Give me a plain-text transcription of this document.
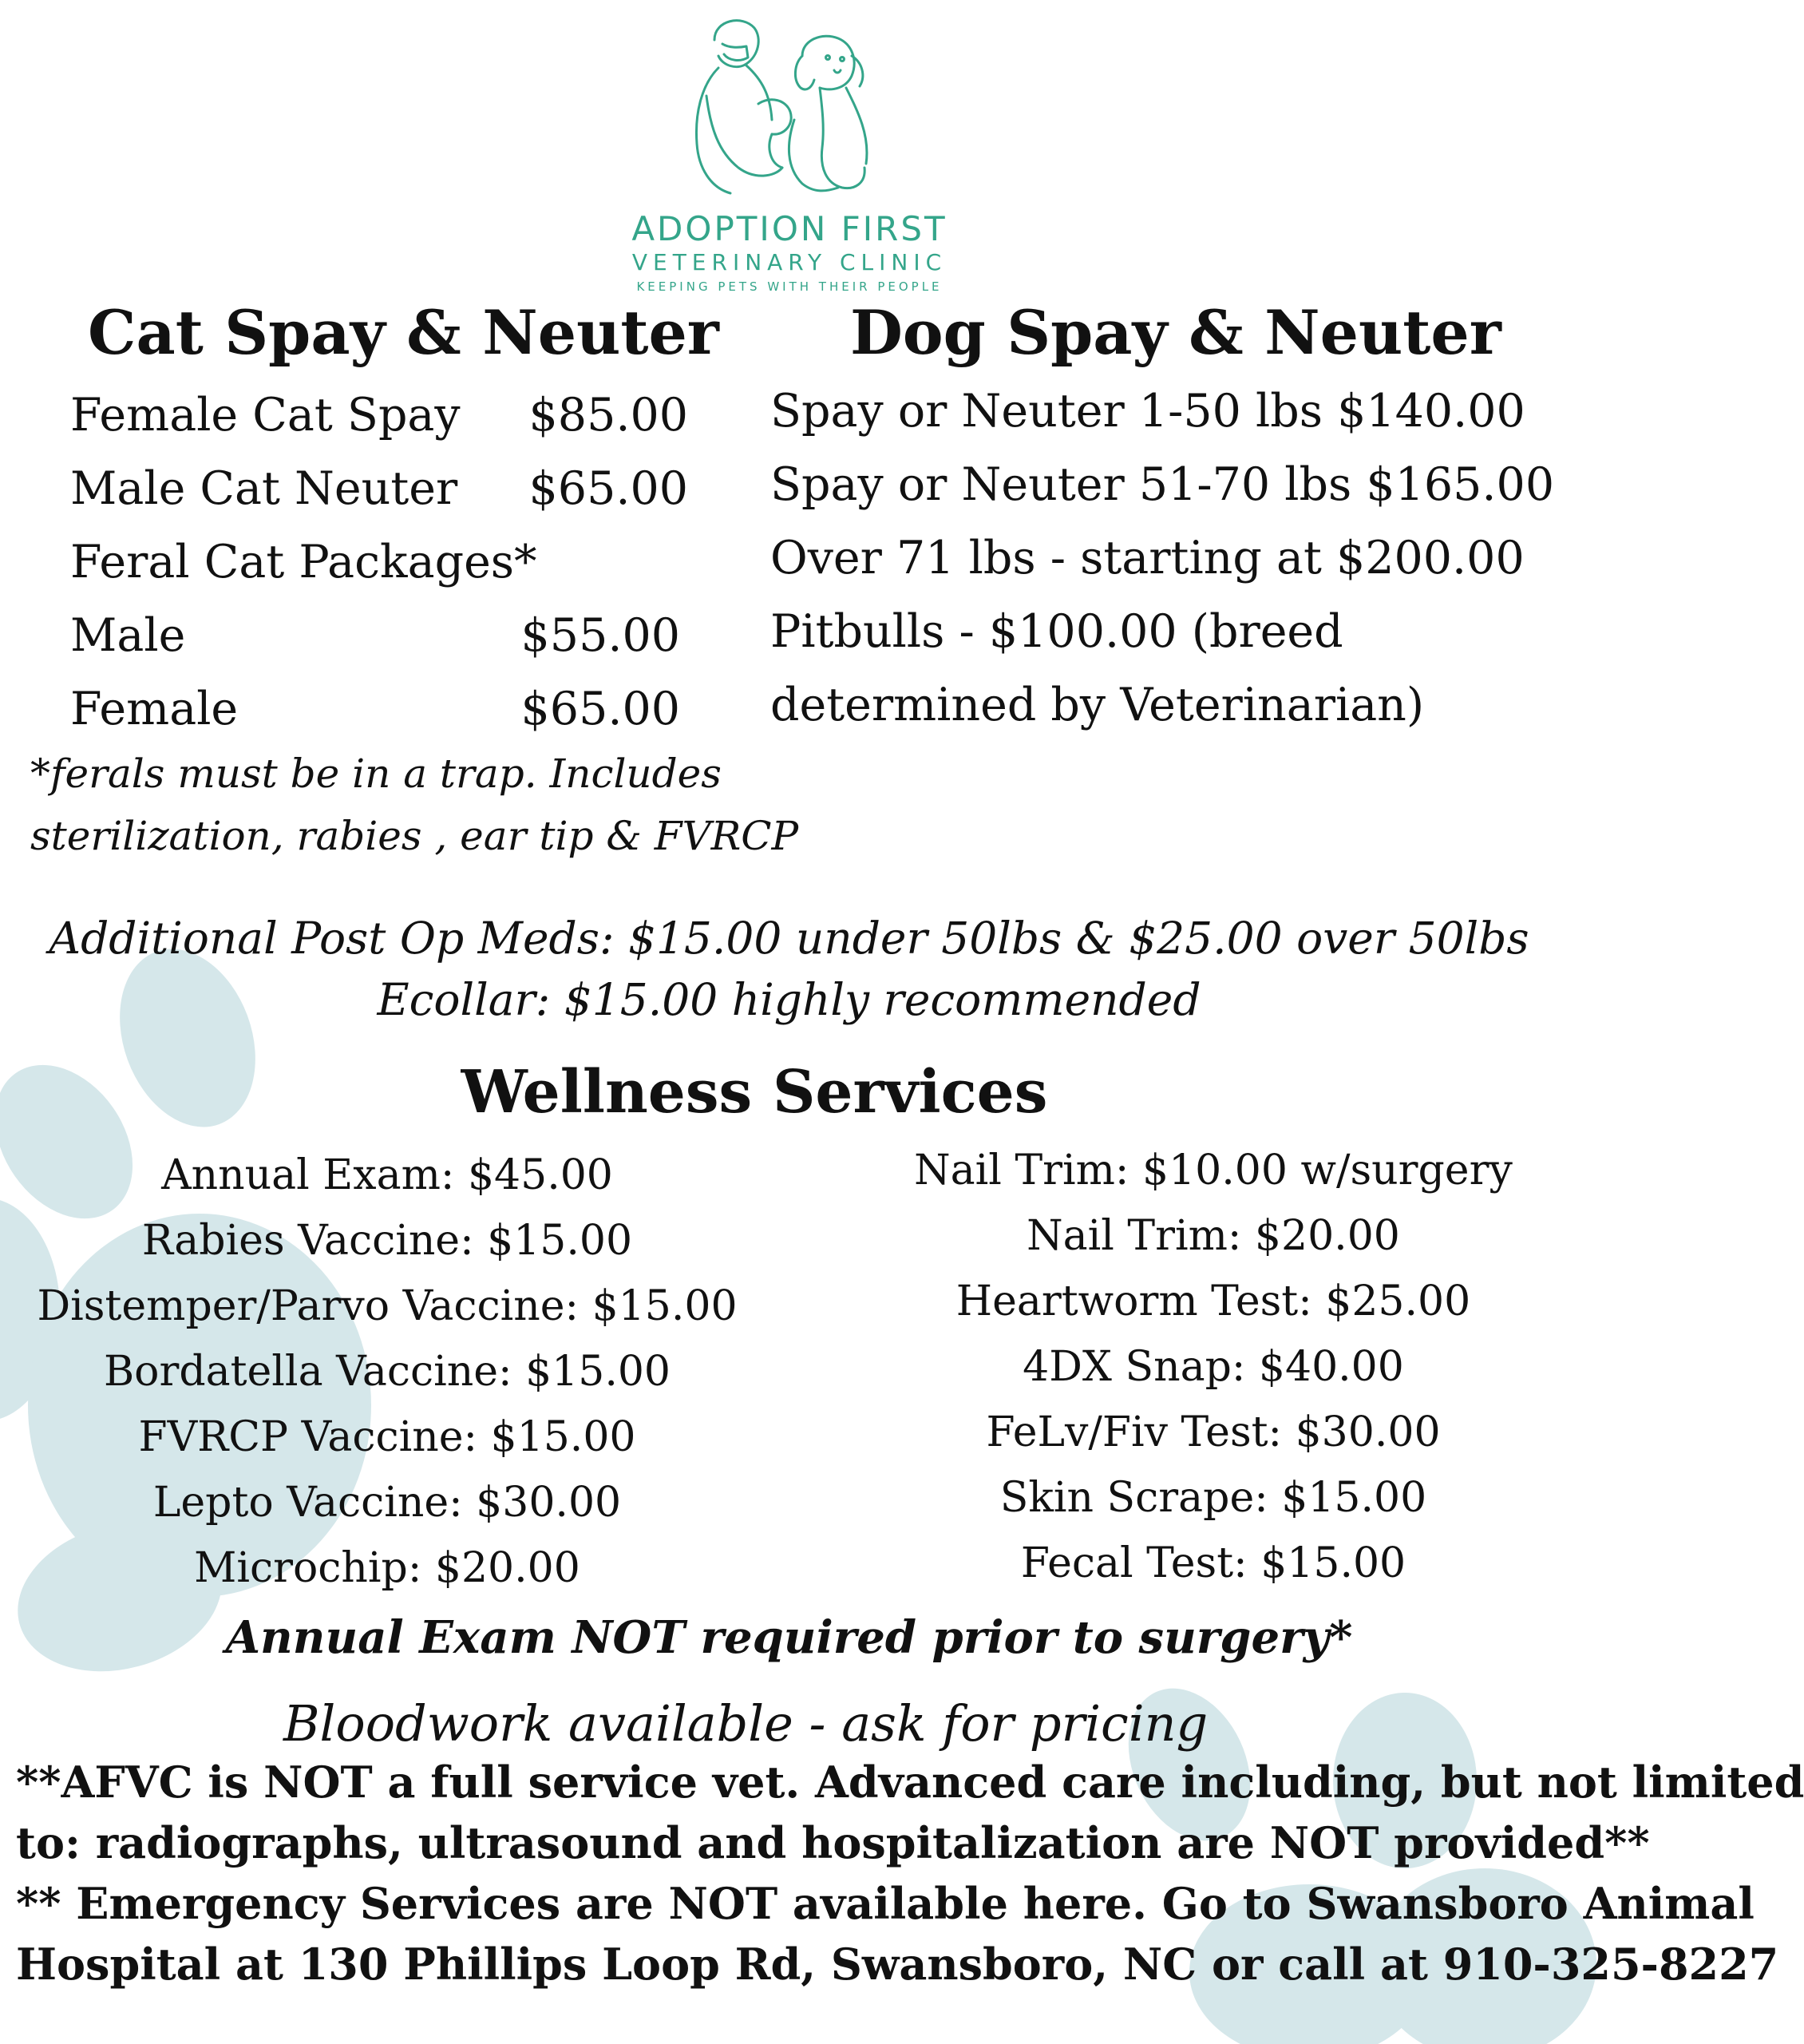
ADOPTION FIRST
VETERINARY CLINIC
KEEPING PETS WITH THEIR PEOPLE
Cat Spay & Neuter
Female Cat Spay	$85.00
Male Cat Neuter	$65.00
Feral Cat Packages*
Male	$55.00
Female	$65.00
*ferals must be in a trap. Includes
sterilization, rabies , ear tip & FVRCP
Dog Spay & Neuter
Spay or Neuter 1-50 lbs $140.00
Spay or Neuter 51-70 lbs $165.00
Over 71 lbs - starting at $200.00
Pitbulls - $100.00 (breed
determined by Veterinarian)
Additional Post Op Meds: $15.00 under 50lbs & $25.00 over 50lbs
Ecollar: $15.00 highly recommended
Wellness Services
Annual Exam: $45.00
Rabies Vaccine: $15.00
Distemper/Parvo Vaccine: $15.00
Bordatella Vaccine: $15.00
FVRCP Vaccine: $15.00
Lepto Vaccine: $30.00
Microchip: $20.00
Nail Trim: $10.00 w/surgery
Nail Trim: $20.00
Heartworm Test: $25.00
4DX Snap: $40.00
FeLv/Fiv Test: $30.00
Skin Scrape: $15.00
Fecal Test: $15.00
Annual Exam NOT required prior to surgery*
Bloodwork available - ask for pricing
**AFVC is NOT a full service vet. Advanced care including, but not limited
to: radiographs, ultrasound and hospitalization are NOT provided**
** Emergency Services are NOT available here. Go to Swansboro Animal
Hospital at 130 Phillips Loop Rd, Swansboro, NC or call at 910-325-8227
